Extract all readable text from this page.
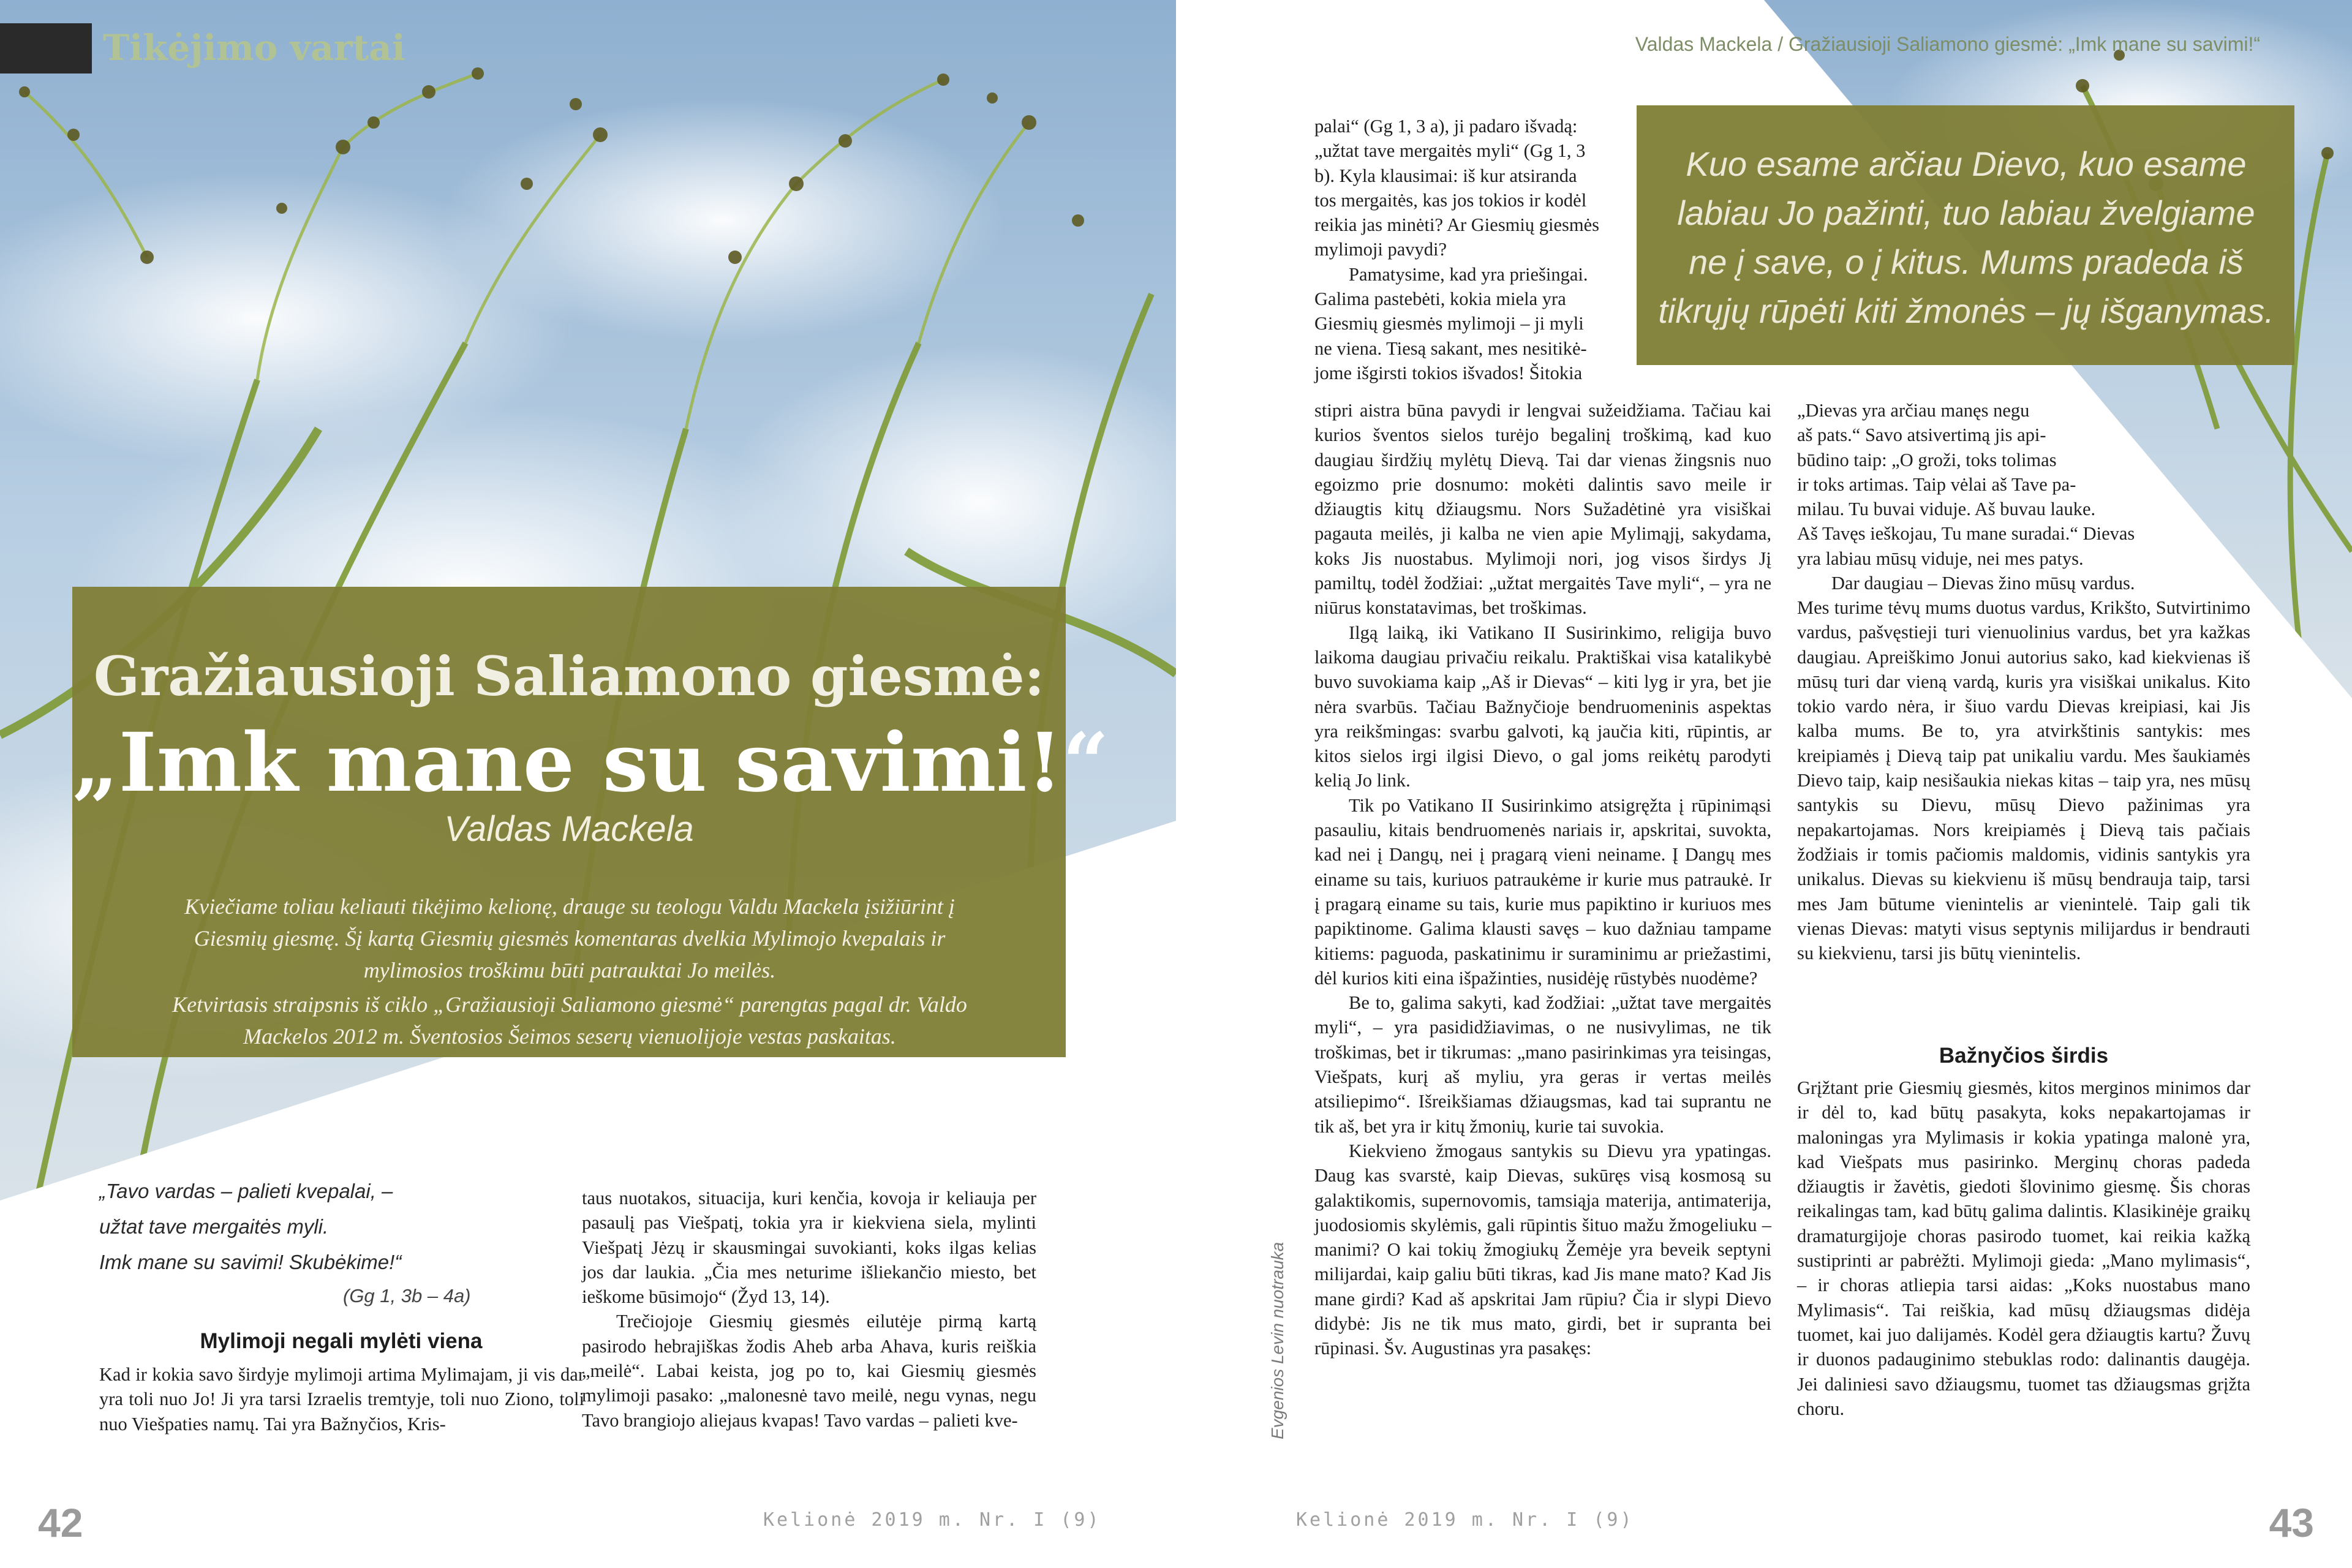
Tikėjimo vartai	Valdas Mackela / Gražiausioji Saliamono giesmė: „Imk mane su savimi!“
Gražiausioji Saliamono giesmė:
„Imk mane su savimi!“
Valdas Mackela

Kviečiame toliau keliauti tikėjimo kelionę, drauge su teologu Valdu Mackela įsižiūrint į Giesmių giesmę. Šį kartą Giesmių giesmės komentaras dvelkia Mylimojo kvepalais ir mylimosios troškimu būti patrauktai Jo meilės.

Ketvirtasis straipsnis iš ciklo „Gražiausioji Saliamono giesmė“ parengtas pagal dr. Valdo Mackelos 2012 m. Šventosios Šeimos seserų vienuolijoje vestas paskaitas.

Kuo esame arčiau Dievo, kuo esame labiau Jo pažinti, tuo labiau žvelgiame ne į save, o į kitus. Mums pradeda iš tikrųjų rūpėti kiti žmonės – jų išganymas.
„Tavo vardas – palieti kvepalai, –
užtat tave mergaitės myli.
Imk mane su savimi! Skubėkime!“
(Gg 1, 3b – 4a)
Mylimoji negali mylėti viena

Kad ir kokia savo širdyje mylimoji artima Mylimajam, ji vis dar yra toli nuo Jo! Ji yra tarsi Izraelis tremtyje, toli nuo Ziono, toli nuo Viešpaties namų. Tai yra Bažnyčios, Kris-

taus nuotakos, situacija, kuri kenčia, kovoja ir keliauja per pasaulį pas Viešpatį, tokia yra ir kiekviena siela, mylinti Viešpatį Jėzų ir skausmingai suvokianti, koks ilgas kelias jos dar laukia. „Čia mes neturime išliekančio miesto, bet ieškome būsimojo“ (Žyd 13, 14).

Trečiojoje Giesmių giesmės eilutėje pirmą kartą pasirodo hebrajiškas žodis Aheb arba Ahava, kuris reiškia „meilė“. Labai keista, jog po to, kai Giesmių giesmės mylimoji pasako: „malonesnė tavo meilė, negu vynas, negu Tavo brangiojo aliejaus kvapas! Tavo vardas – palieti kve-

palai“ (Gg 1, 3 a), ji padaro išvadą:
„užtat tave mergaitės myli“ (Gg 1, 3
b). Kyla klausimai: iš kur atsiranda
tos mergaitės, kas jos tokios ir kodėl
reikia jas minėti? Ar Giesmių giesmės
mylimoji pavydi?
Pamatysime, kad yra priešingai.
Galima pastebėti, kokia miela yra
Giesmių giesmės mylimoji – ji myli
ne viena. Tiesą sakant, mes nesitikė-
jome išgirsti tokios išvados! Šitokia

stipri aistra būna pavydi ir lengvai sužeidžiama. Tačiau kai kurios šventos sielos turėjo begalinį troškimą, kad kuo daugiau širdžių mylėtų Dievą. Tai dar vienas žingsnis nuo egoizmo prie dosnumo: mokėti dalintis savo meile ir džiaugtis kitų džiaugsmu. Nors Sužadėtinė yra visiškai pagauta meilės, ji kalba ne vien apie Mylimąjį, sakydama, koks Jis nuostabus. Mylimoji nori, jog visos širdys Jį pamiltų, todėl žodžiai: „užtat mergaitės Tave myli“, – yra ne niūrus konstatavimas, bet troškimas.

Ilgą laiką, iki Vatikano II Susirinkimo, religija buvo laikoma daugiau privačiu reikalu. Praktiškai visa katalikybė buvo suvokiama kaip „Aš ir Dievas“ – kiti lyg ir yra, bet jie nėra svarbūs. Tačiau Bažnyčioje bendruomeninis aspektas yra reikšmingas: svarbu galvoti, ką jaučia kiti, rūpintis, ar kitos sielos irgi ilgisi Dievo, o gal joms reikėtų parodyti kelią Jo link.

Tik po Vatikano II Susirinkimo atsigręžta į rūpinimąsi pasauliu, kitais bendruomenės nariais ir, apskritai, suvokta, kad nei į Dangų, nei į pragarą vieni neiname. Į Dangų mes einame su tais, kuriuos patraukėme ir kurie mus patraukė. Ir į pragarą einame su tais, kurie mus papiktino ir kuriuos mes papiktinome. Galima klausti savęs – kuo dažniau tampame kitiems: paguoda, paskatinimu ir suraminimu ar priežastimi, dėl kurios kiti eina išpažinties, nusidėję rūstybės nuodėme?

Be to, galima sakyti, kad žodžiai: „užtat tave mergaitės myli“, – yra pasididžiavimas, o ne nusivylimas, ne tik troškimas, bet ir tikrumas: „mano pasirinkimas yra teisingas, Viešpats, kurį aš myliu, yra geras ir vertas meilės atsiliepimo“. Išreikšiamas džiaugsmas, kad tai suprantu ne tik aš, bet yra ir kitų žmonių, kurie tai suvokia.

Kiekvieno žmogaus santykis su Dievu yra ypatingas. Daug kas svarstė, kaip Dievas, sukūręs visą kosmosą su galaktikomis, supernovomis, tamsiąja materija, antimaterija, juodosiomis skylėmis, gali rūpintis šituo mažu žmogeliuku – manimi? O kai tokių žmogiukų Žemėje yra beveik septyni milijardai, kaip galiu būti tikras, kad Jis mane mato? Kad Jis mane girdi? Kad aš apskritai Jam rūpiu? Čia ir slypi Dievo didybė: Jis ne tik mus mato, girdi, bet ir supranta bei rūpinasi. Šv. Augustinas yra pasakęs:

„Dievas yra arčiau manęs negu
aš pats.“ Savo atsivertimą jis api-
būdino taip: „O groži, toks tolimas
ir toks artimas. Taip vėlai aš Tave pa-
milau. Tu buvai viduje. Aš buvau lauke.
Aš Tavęs ieškojau, Tu mane suradai.“ Dievas
yra labiau mūsų viduje, nei mes patys.
Dar daugiau – Dievas žino mūsų vardus.

Mes turime tėvų mums duotus vardus, Krikšto, Sutvirtinimo vardus, pašvęstieji turi vienuolinius vardus, bet yra kažkas daugiau. Apreiškimo Jonui autorius sako, kad kiekvienas iš mūsų turi dar vieną vardą, kuris yra visiškai unikalus. Kito tokio vardo nėra, ir šiuo vardu Dievas kreipiasi, kai Jis kalba mums. Be to, yra atvirkštinis santykis: mes kreipiamės į Dievą taip pat unikaliu vardu. Mes šaukiamės Dievo taip, kaip nesišaukia niekas kitas – taip yra, nes mūsų santykis su Dievu, mūsų Dievo pažinimas yra nepakartojamas. Nors kreipiamės į Dievą tais pačiais žodžiais ir tomis pačiomis maldomis, vidinis santykis yra unikalus. Dievas su kiekvienu iš mūsų bendrauja taip, tarsi mes Jam būtume vienintelis ar vienintelė. Taip gali tik vienas Dievas: matyti visus septynis milijardus ir bendrauti su kiekvienu, tarsi jis būtų vienintelis.

Bažnyčios širdis

Grįžtant prie Giesmių giesmės, kitos merginos minimos dar ir dėl to, kad būtų pasakyta, koks nepakartojamas ir maloningas yra Mylimasis ir kokia ypatinga malonė yra, kad Viešpats mus pasirinko. Merginų choras padeda džiaugtis ir žavėtis, giedoti šlovinimo giesmę. Šis choras reikalingas tam, kad būtų galima dalintis. Klasikinėje graikų dramaturgijoje choras pasirodo tuomet, kai reikia kažką sustiprinti ar pabrėžti. Mylimoji gieda: „Mano mylimasis“, – ir choras atliepia tarsi aidas: „Koks nuostabus mano Mylimasis“. Tai reiškia, kad mūsų džiaugsmas didėja tuomet, kai juo dalijamės. Kodėl gera džiaugtis kartu? Žuvų ir duonos padauginimo stebuklas rodo: dalinantis daugėja. Jei daliniesi savo džiaugsmu, tuomet tas džiaugsmas grįžta choru.

Evgenios Levin nuotrauka
42	43
Kelionė 2019 m. Nr. I (9)	Kelionė 2019 m. Nr. I (9)
